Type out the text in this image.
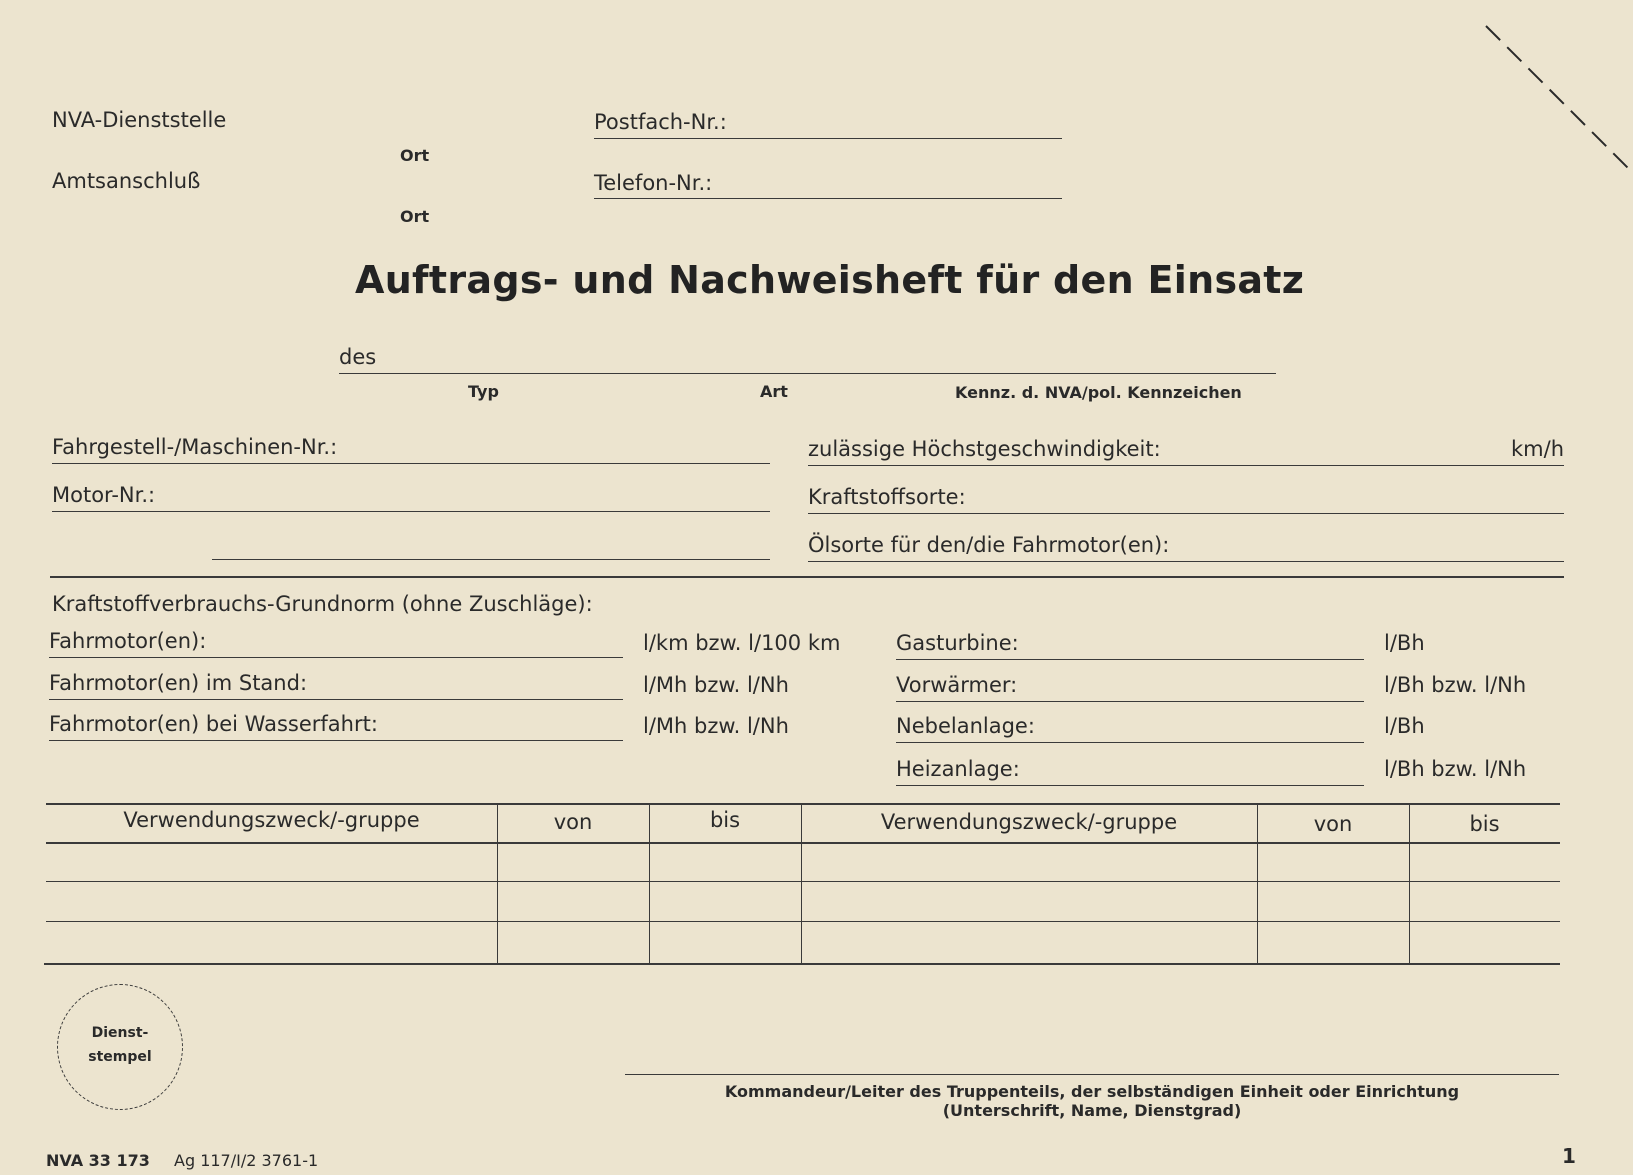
NVA-Dienststelle	Postfach-Nr.:
Ort
Amtsanschluß	Telefon-Nr.:
Ort
Auftrags- und Nachweisheft für den Einsatz
des
Typ	Art	Kennz. d. NVA/pol. Kennzeichen
Fahrgestell-/Maschinen-Nr.:
Motor-Nr.:
zulässige Höchstgeschwindigkeit:	km/h
Kraftstoffsorte:
Ölsorte für den/die Fahrmotor(en):
Kraftstoffverbrauchs-Grundnorm (ohne Zuschläge):
Fahrmotor(en):	l/km bzw. l/100 km
Fahrmotor(en) im Stand:	l/Mh bzw. l/Nh
Fahrmotor(en) bei Wasserfahrt:	l/Mh bzw. l/Nh
Gasturbine:	l/Bh
Vorwärmer:	l/Bh bzw. l/Nh
Nebelanlage:	l/Bh
Heizanlage:	l/Bh bzw. l/Nh
Verwendungszweck/-gruppe	von	bis	Verwendungszweck/-gruppe	von	bis
Dienst-
stempel
Kommandeur/Leiter des Truppenteils, der selbständigen Einheit oder Einrichtung
(Unterschrift, Name, Dienstgrad)
NVA 33 173 Ag 117/I/2 3761-1	1
